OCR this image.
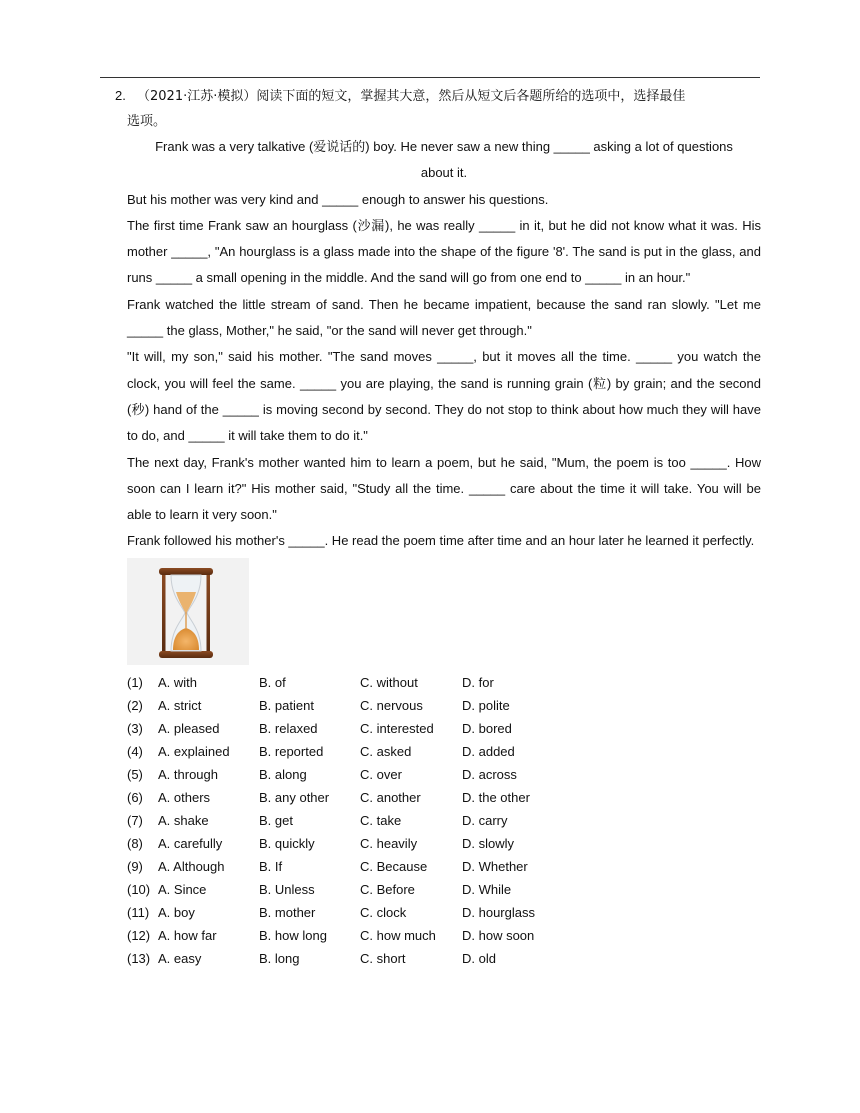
2. （2021·江苏·模拟）阅读下面的短文，掌握其大意，然后从短文后各题所给的选项中，选择最佳
选项。
Frank was a very talkative (爱说话的) boy. He never saw a new thing _____ asking a lot of questions
about it.
But his mother was very kind and _____ enough to answer his questions.
The first time Frank saw an hourglass (沙漏), he was really _____ in it, but he did not know what it was. His mother _____, "An hourglass is a glass made into the shape of the figure '8'. The sand is put in the glass, and runs _____ a small opening in the middle. And the sand will go from one end to _____ in an hour."
Frank watched the little stream of sand. Then he became impatient, because the sand ran slowly. "Let me _____ the glass, Mother," he said, "or the sand will never get through."
"It will, my son," said his mother. "The sand moves _____, but it moves all the time. _____ you watch the clock, you will feel the same. _____ you are playing, the sand is running grain (粒) by grain; and the second (秒) hand of the _____ is moving second by second. They do not stop to think about how much they will have to do, and _____ it will take them to do it."
The next day, Frank's mother wanted him to learn a poem, but he said, "Mum, the poem is too _____. How soon can I learn it?" His mother said, "Study all the time. _____ care about the time it will take. You will be able to learn it very soon."
Frank followed his mother's _____. He read the poem time after time and an hour later he learned it perfectly.
(1)	A. with	B. of	C. without	D. for
(2)	A. strict	B. patient	C. nervous	D. polite
(3)	A. pleased	B. relaxed	C. interested	D. bored
(4)	A. explained	B. reported	C. asked	D. added
(5)	A. through	B. along	C. over	D. across
(6)	A. others	B. any other	C. another	D. the other
(7)	A. shake	B. get	C. take	D. carry
(8)	A. carefully	B. quickly	C. heavily	D. slowly
(9)	A. Although	B. If	C. Because	D. Whether
(10) A. Since	B. Unless	C. Before	D. While
(11) A. boy	B. mother	C. clock	D. hourglass
(12) A. how far	B. how long	C. how much	D. how soon
(13) A. easy	B. long	C. short	D. old
